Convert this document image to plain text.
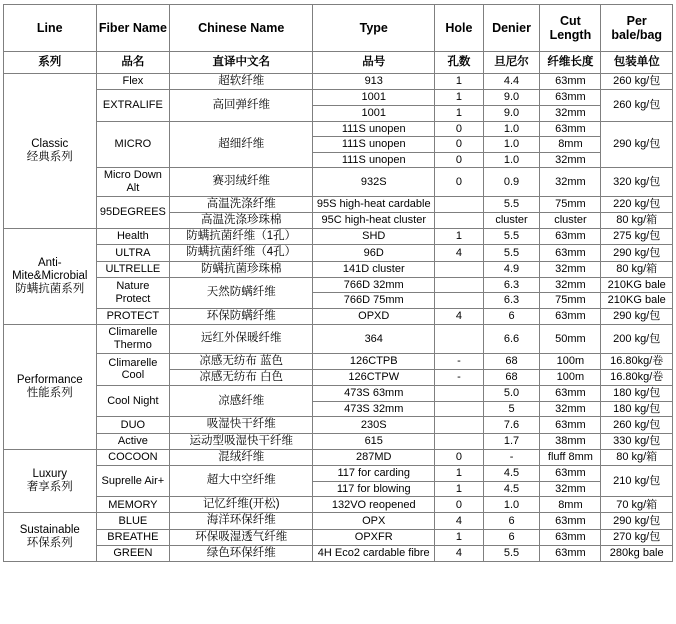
Line	Fiber Name	Chinese Name	Type	Hole	Denier	Cut Length	Per bale/bag
系列	品名	直译中文名	品号	孔数	旦尼尔	纤维长度	包装单位

Classic
经典系列	Flex	超软纤维	913	1	4.4	63mm	260 kg/包
	EXTRALIFE	高回弹纤维	1001	1	9.0	63mm	260 kg/包
			1001	1	9.0	32mm	
	MICRO	超细纤维	111S unopen	0	1.0	63mm	290 kg/包
			111S unopen	0	1.0	8mm	
			111S unopen	0	1.0	32mm	
	Micro Down Alt	赛羽绒纤维	932S	0	0.9	32mm	320 kg/包
	95DEGREES	高温洗涤纤维	95S high-heat cardable		5.5	75mm	220 kg/包
		高温洗涤珍珠棉	95C high-heat cluster		cluster	cluster	80 kg/箱

Anti-Mite&Microbial
防螨抗菌系列	Health	防螨抗菌纤维（1孔）	SHD	1	5.5	63mm	275 kg/包
	ULTRA	防螨抗菌纤维（4孔）	96D	4	5.5	63mm	290 kg/包
	ULTRELLE	防螨抗菌珍珠棉	141D cluster		4.9	32mm	80 kg/箱
	Nature Protect	天然防螨纤维	766D 32mm		6.3	32mm	210KG bale
			766D 75mm		6.3	75mm	210KG bale
	PROTECT	环保防螨纤维	OPXD	4	6	63mm	290 kg/包

Performance
性能系列	Climarelle Thermo	远红外保暖纤维	364		6.6	50mm	200 kg/包
	Climarelle Cool	凉感无纺布 蓝色	126CTPB	-	68	100m	16.80kg/卷
		凉感无纺布 白色	126CTPW	-	68	100m	16.80kg/卷
	Cool Night	凉感纤维	473S 63mm		5.0	63mm	180 kg/包
			473S 32mm		5	32mm	180 kg/包
	DUO	吸湿快干纤维	230S		7.6	63mm	260 kg/包
	Active	运动型吸湿快干纤维	615		1.7	38mm	330 kg/包

Luxury
奢享系列	COCOON	混绒纤维	287MD	0	-	fluff 8mm	80 kg/箱
	Suprelle Air+	超大中空纤维	117 for carding	1	4.5	63mm	210 kg/包
			117 for blowing	1	4.5	32mm	
	MEMORY	记忆纤维(开松)	132VO reopened	0	1.0	8mm	70 kg/箱

Sustainable
环保系列	BLUE	海洋环保纤维	OPX	4	6	63mm	290 kg/包
	BREATHE	环保吸湿透气纤维	OPXFR	1	6	63mm	270 kg/包
	GREEN	绿色环保纤维	4H Eco2 cardable fibre	4	5.5	63mm	280kg bale
